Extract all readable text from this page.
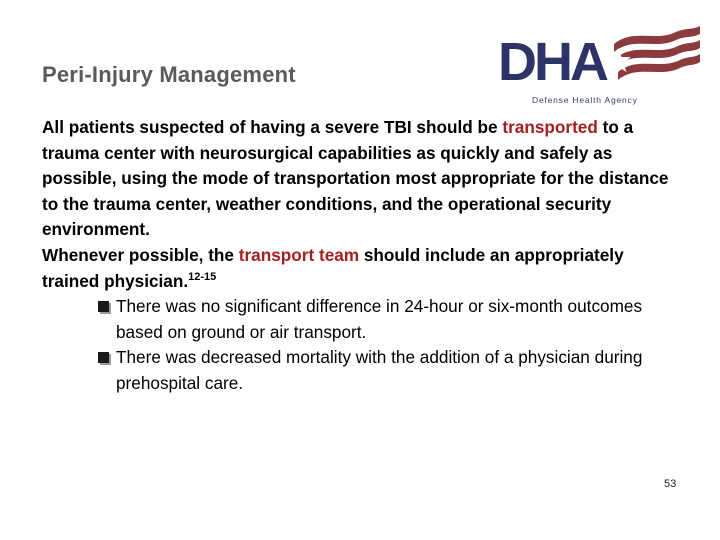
Peri-Injury Management	DHA
Defense Health Agency

All patients suspected of having a severe TBI should be transported to a trauma center with neurosurgical capabilities as quickly and safely as possible, using the mode of transportation most appropriate for the distance to the trauma center, weather conditions, and the operational security environment.

Whenever possible, the transport team should include an appropriately trained physician.$^{12-15}$

There was no significant difference in 24-hour or six-month outcomes based on ground or air transport.
There was decreased mortality with the addition of a physician during prehospital care.
53
